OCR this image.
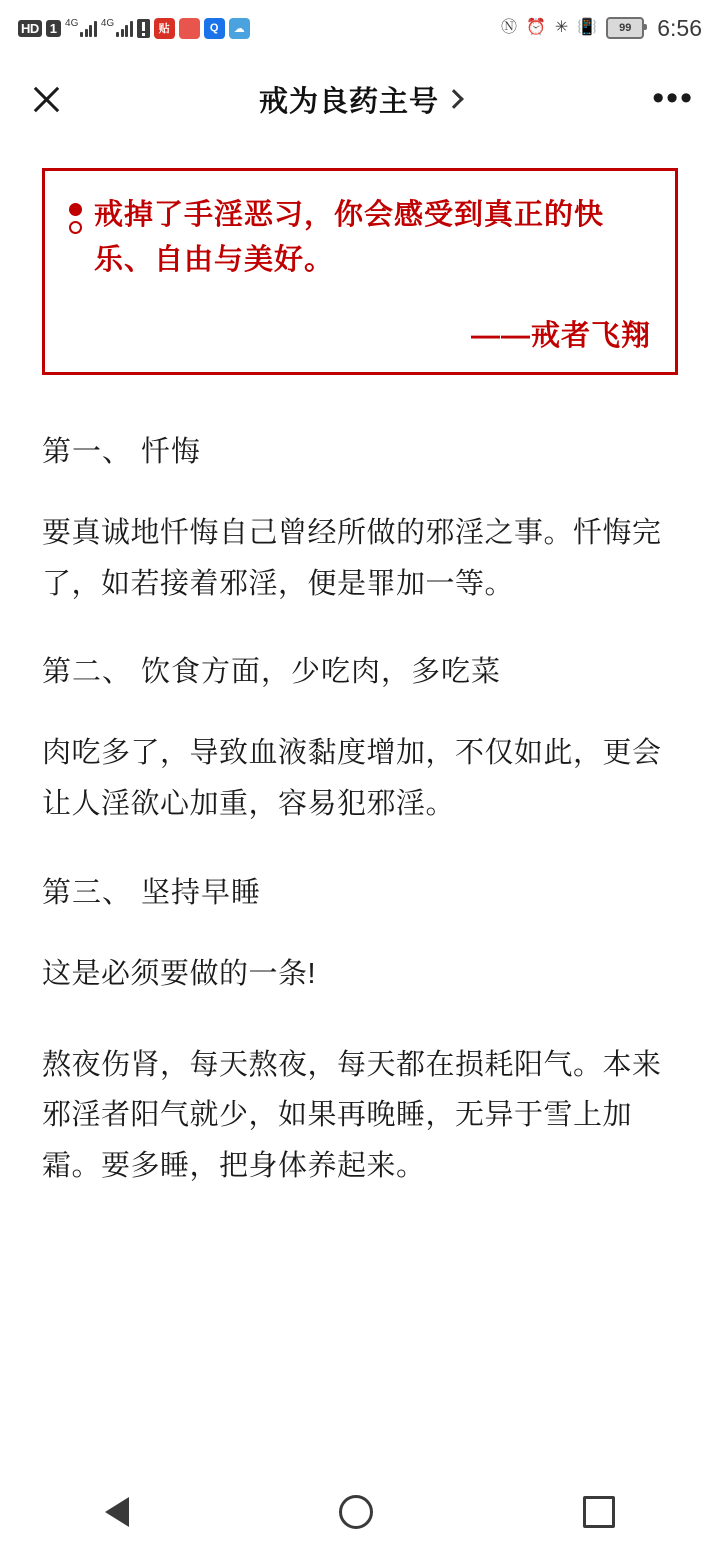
HD 1 4G 4G	贴	Q	☁	Ⓝ ⏰ ✳ 📳	99	6:56
戒为良药主号	•••
戒掉了手淫恶习，你会感受到真正的快乐、自由与美好。
——戒者飞翔
第一、 忏悔
要真诚地忏悔自己曾经所做的邪淫之事。忏悔完了，如若接着邪淫，便是罪加一等。
第二、 饮食方面，少吃肉，多吃菜
肉吃多了，导致血液黏度增加，不仅如此，更会让人淫欲心加重，容易犯邪淫。
第三、 坚持早睡
这是必须要做的一条!
熬夜伤肾，每天熬夜，每天都在损耗阳气。本来邪淫者阳气就少，如果再晚睡，无异于雪上加霜。要多睡，把身体养起来。
